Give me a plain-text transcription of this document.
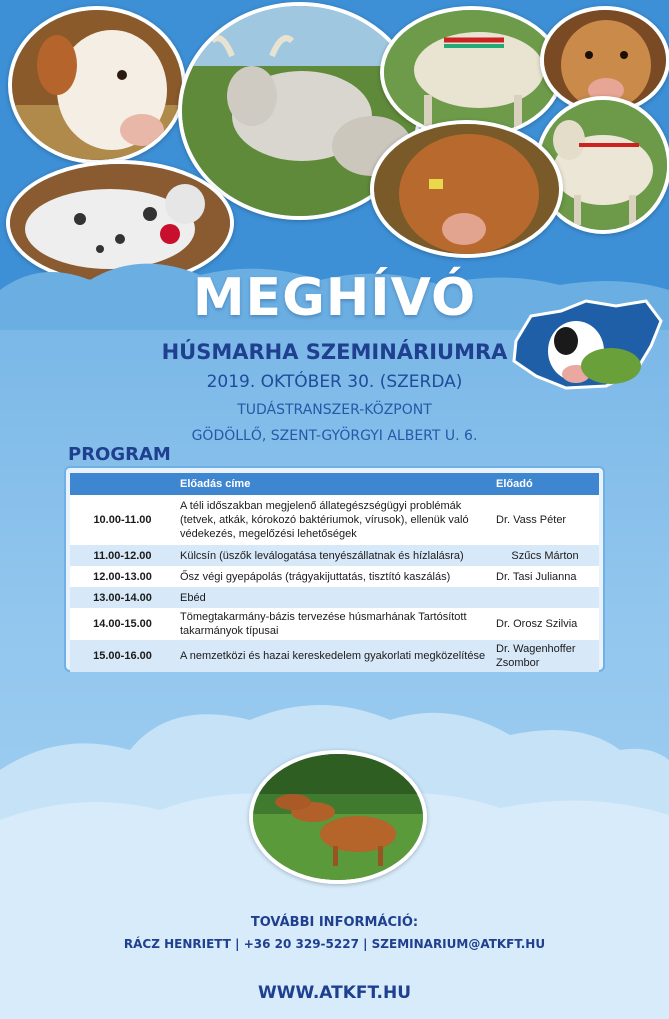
MEGHÍVÓ
HÚSMARHA SZEMINÁRIUMRA
2019. OKTÓBER 30. (SZERDA)
TUDÁSTRANSZER-KÖZPONT
GÖDÖLLŐ, SZENT-GYÖRGYI ALBERT U. 6.
PROGRAM
	Előadás címe	Előadó
10.00-11.00	A téli időszakban megjelenő állategészségügyi problémák (tetvek, atkák, kórokozó baktériumok, vírusok), ellenük való védekezés, megelőzési lehetőségek	Dr. Vass Péter
11.00-12.00	Külcsín (üszők leválogatása tenyészállatnak és hízlalásra)	Szűcs Márton
12.00-13.00	Ősz végi gyepápolás (trágyakijuttatás, tisztító kaszálás)	Dr. Tasi Julianna
13.00-14.00	Ebéd	
14.00-15.00	Tömegtakarmány-bázis tervezése húsmarhának Tartósított takarmányok típusai	Dr. Orosz Szilvia
15.00-16.00	A nemzetközi és hazai kereskedelem gyakorlati megközelítése	Dr. Wagenhoffer Zsombor
TOVÁBBI INFORMÁCIÓ:
RÁCZ HENRIETT | +36 20 329-5227 | SZEMINARIUM@ATKFT.HU
WWW.ATKFT.HU
